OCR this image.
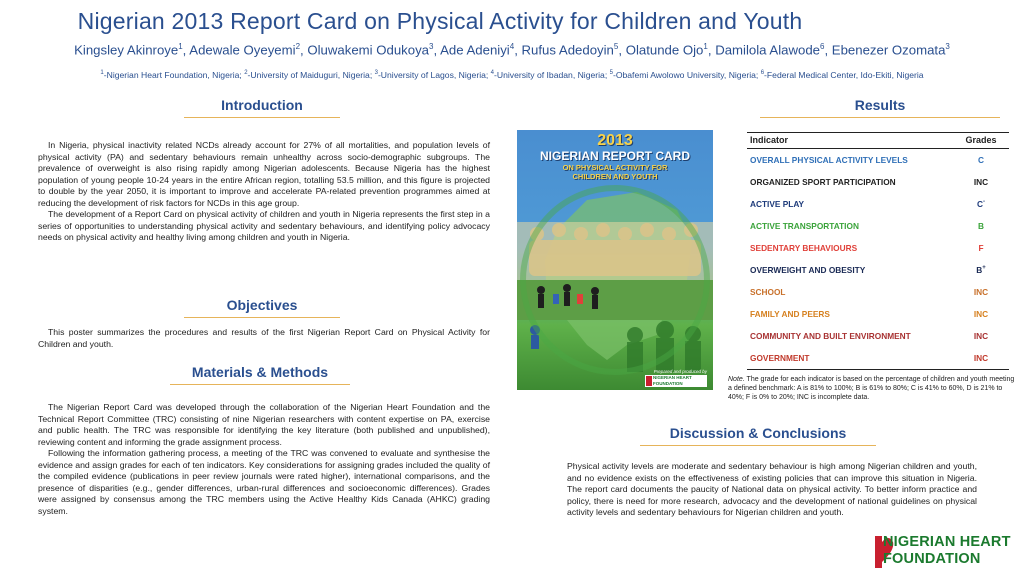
Nigerian 2013 Report Card on Physical Activity for Children and Youth
Kingsley Akinroye$^1$, Adewale Oyeyemi$^2$, Oluwakemi Odukoya$^3$, Ade Adeniyi$^4$, Rufus Adedoyin$^5$, Olatunde Ojo$^1$, Damilola Alawode$^6$, Ebenezer Ozomata$^3$
$^1$-Nigerian Heart Foundation, Nigeria; $^2$-University of Maiduguri, Nigeria; $^3$-University of Lagos, Nigeria; $^4$-University of Ibadan, Nigeria; $^5$-Obafemi Awolowo University, Nigeria; $^6$-Federal Medical Center, Ido-Ekiti, Nigeria
Introduction

In Nigeria, physical inactivity related NCDs already account for 27% of all mortalities, and population levels of physical activity (PA) and sedentary behaviours remain unhealthy across socio-demographic subgroups. The prevalence of overweight is also rising rapidly among Nigerian adolescents. Because Nigeria has the highest population of young people 10-24 years in the entire African region, totalling 53.5 million, and this figure is projected to double by the year 2050, it is important to improve and accelerate PA-related prevention programmes aimed at reducing the development of risk factors for NCDs in this age group.

The development of a Report Card on physical activity of children and youth in Nigeria represents the first step in a series of opportunities to understanding physical activity and sedentary behaviours, and identifying policy advocacy needs on physical activity and healthy living among children and youth in Nigeria.

Objectives

This poster summarizes the procedures and results of the first Nigerian Report Card on Physical Activity for Children and youth.

Materials & Methods

The Nigerian Report Card was developed through the collaboration of the Nigerian Heart Foundation and the Technical Report Committee (TRC) consisting of nine Nigerian researchers with content expertise on PA, exercise and public health. The TRC was responsible for identifying the key literature (both published and unpublished), reviewing content and informing the grade assignment process.

Following the information gathering process, a meeting of the TRC was convened to evaluate and synthesise the evidence and assign grades for each of ten indicators. Key considerations for assigning grades included the quality of the compiled evidence (publications in peer review journals were rated higher), international comparisons, and the presence of disparities (e.g., gender differences, urban-rural differences and socioeconomic differences). Grades were assigned by consensus among the TRC members using the Active Healthy Kids Canada (AHKC) grading system.

2013
NIGERIAN REPORT CARD
ON PHYSICAL ACTIVITY FOR
CHILDREN AND YOUTH
Prepared and produced by
NIGERIAN HEART FOUNDATION
Results
Indicator	Grades
OVERALL PHYSICAL ACTIVITY LEVELS	C
ORGANIZED SPORT PARTICIPATION	INC
ACTIVE PLAY	C-
ACTIVE TRANSPORTATION	B
SEDENTARY BEHAVIOURS	F
OVERWEIGHT AND OBESITY	B+
SCHOOL	INC
FAMILY AND PEERS	INC
COMMUNITY AND BUILT ENVIRONMENT	INC
GOVERNMENT	INC
Note. The grade for each indicator is based on the percentage of children and youth meeting a defined benchmark: A is 81% to 100%; B is 61% to 80%; C is 41% to 60%, D is 21% to 40%; F is 0% to 20%; INC is incomplete data.
Discussion & Conclusions
Physical activity levels are moderate and sedentary behaviour is high among Nigerian children and youth, and no evidence exists on the effectiveness of existing policies that can improve this situation in Nigeria. The report card documents the paucity of National data on physical activity. To better inform practice and policy, there is need for more research, advocacy and the development of national guidelines on physical activity levels and sedentary behaviours for Nigerian children and youth.
NIGERIAN HEART
FOUNDATION
